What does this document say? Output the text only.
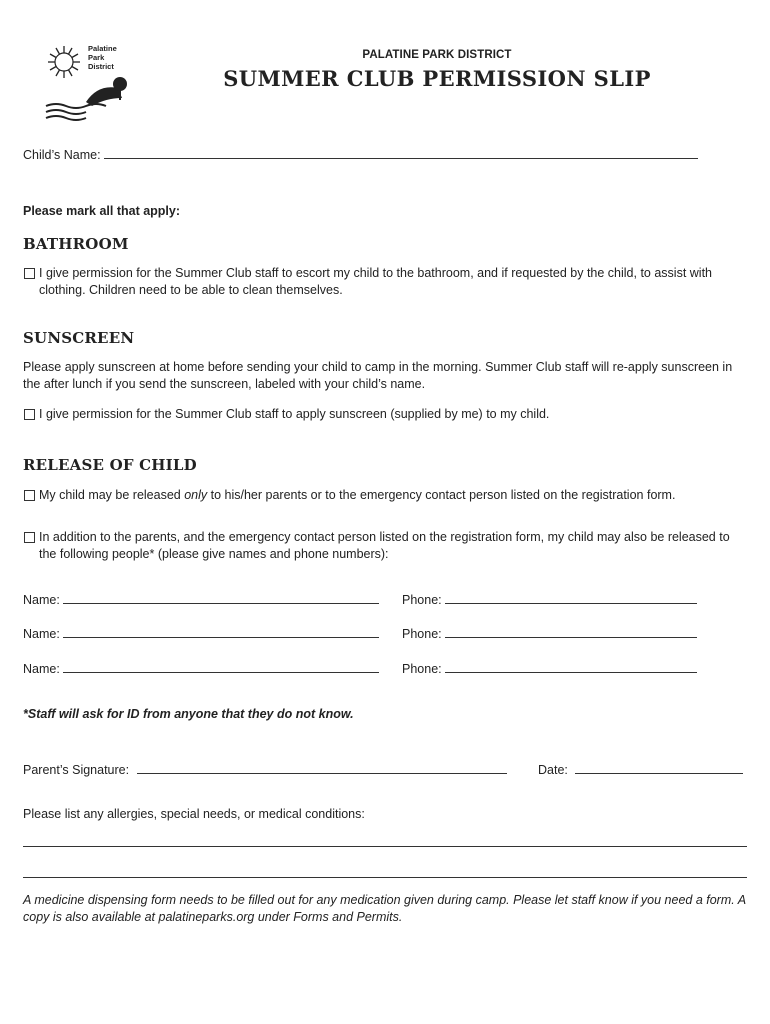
Palatine
Park
District
PALATINE PARK DISTRICT
SUMMER CLUB PERMISSION SLIP
Child’s Name:
Please mark all that apply:
BATHROOM
I give permission for the Summer Club staff to escort my child to the bathroom, and if requested by the child, to assist with clothing. Children need to be able to clean themselves.
SUNSCREEN
Please apply sunscreen at home before sending your child to camp in the morning. Summer Club staff will re-apply sunscreen in the after lunch if you send the sunscreen, labeled with your child’s name.
I give permission for the Summer Club staff to apply sunscreen (supplied by me) to my child.
RELEASE OF CHILD
My child may be released only to his/her parents or to the emergency contact person listed on the registration form.
In addition to the parents, and the emergency contact person listed on the registration form, my child may also be released to the following people* (please give names and phone numbers):
Name:	Phone:
Name:	Phone:
Name:	Phone:
*Staff will ask for ID from anyone that they do not know.
Parent’s Signature:	Date:
Please list any allergies, special needs, or medical conditions:
A medicine dispensing form needs to be filled out for any medication given during camp. Please let staff know if you need a form. A copy is also available at palatineparks.org under Forms and Permits.
